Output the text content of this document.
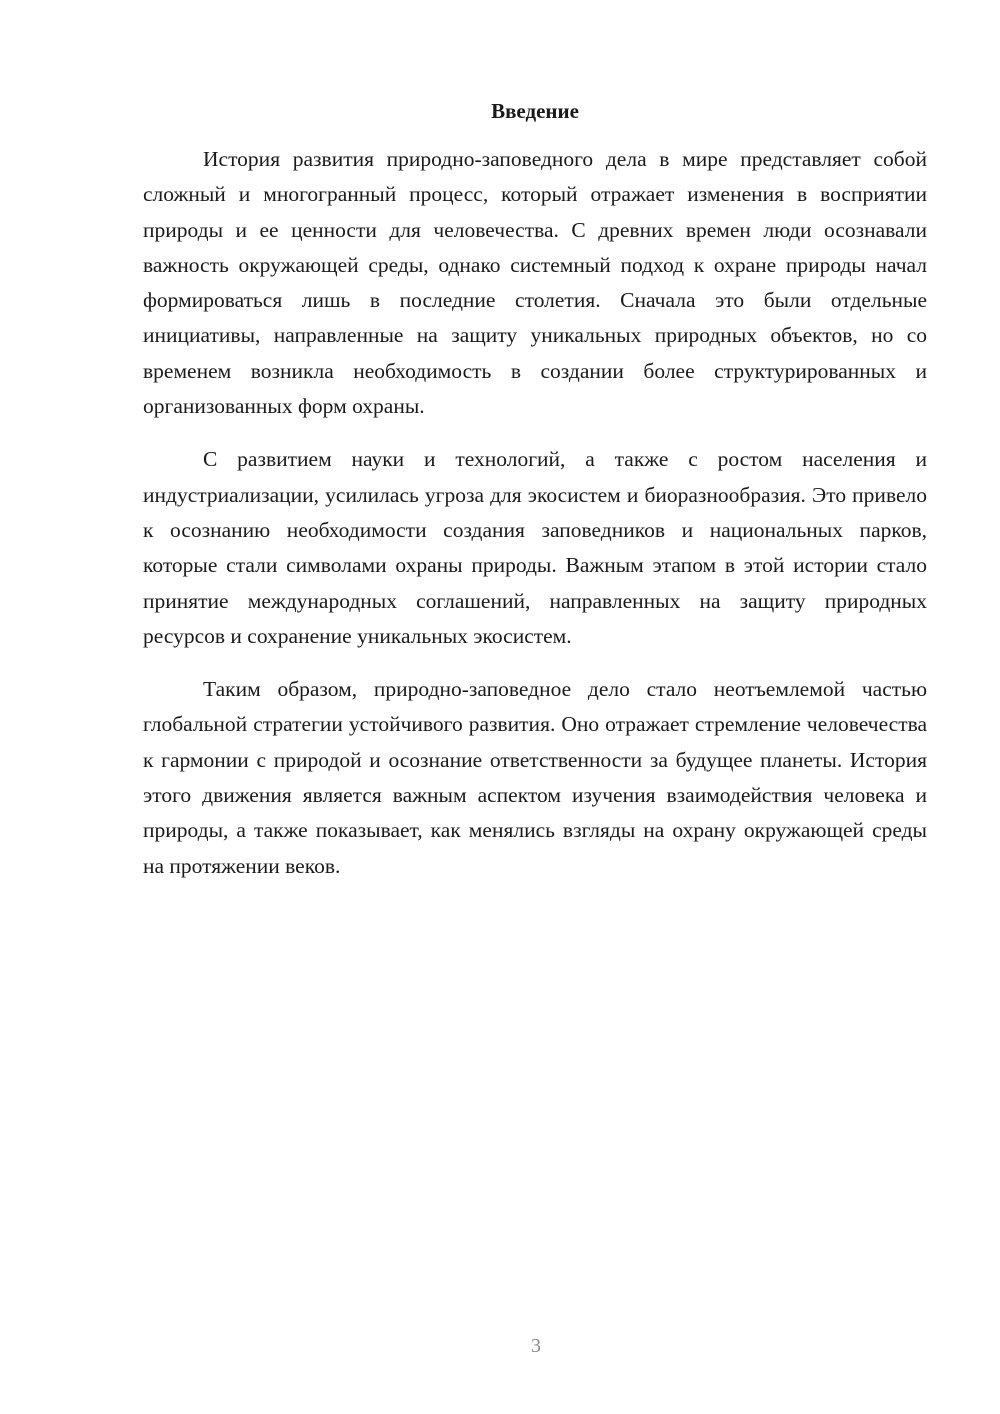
Введение

История развития природно-заповедного дела в мире представляет собой сложный и многогранный процесс, который отражает изменения в восприятии природы и ее ценности для человечества. С древних времен люди осознавали важность окружающей среды, однако системный подход к охране природы начал формироваться лишь в последние столетия. Сначала это были отдельные инициативы, направленные на защиту уникальных природных объектов, но со временем возникла необходимость в создании более структурированных и организованных форм охраны.

С развитием науки и технологий, а также с ростом населения и индустриализации, усилилась угроза для экосистем и биоразнообразия. Это привело к осознанию необходимости создания заповедников и национальных парков, которые стали символами охраны природы. Важным этапом в этой истории стало принятие международных соглашений, направленных на защиту природных ресурсов и сохранение уникальных экосистем.

Таким образом, природно-заповедное дело стало неотъемлемой частью глобальной стратегии устойчивого развития. Оно отражает стремление человечества к гармонии с природой и осознание ответственности за будущее планеты. История этого движения является важным аспектом изучения взаимодействия человека и природы, а также показывает, как менялись взгляды на охрану окружающей среды на протяжении веков.

3
